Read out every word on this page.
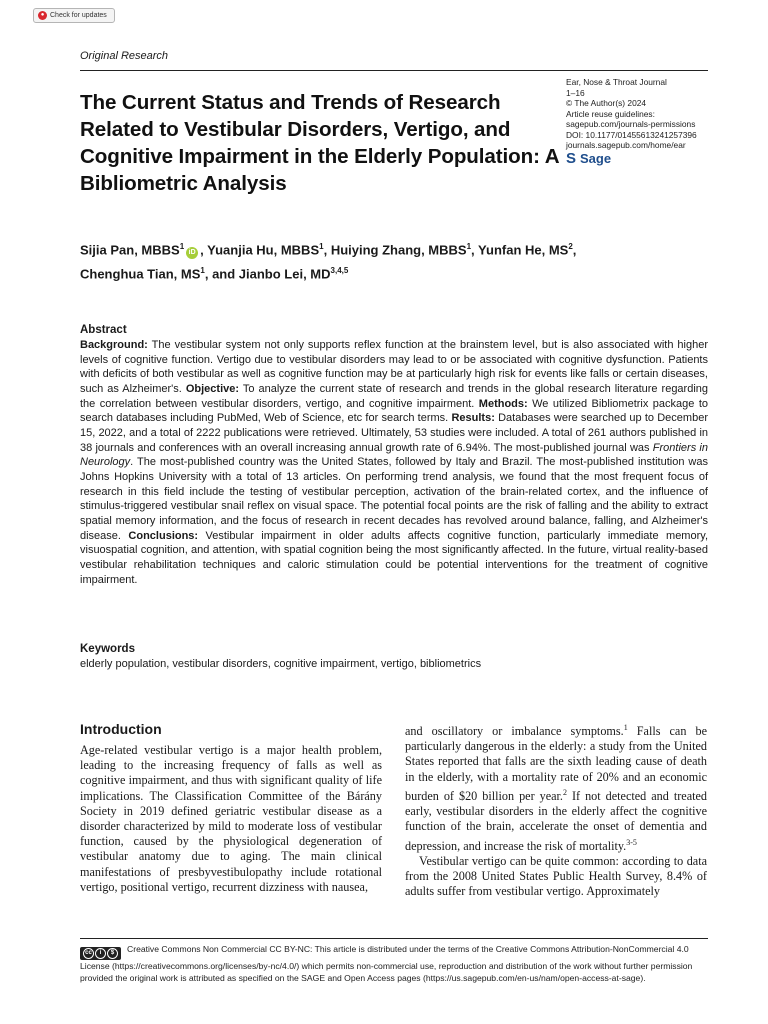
● Check for updates
Original Research
The Current Status and Trends of Research Related to Vestibular Disorders, Vertigo, and Cognitive Impairment in the Elderly Population: A Bibliometric Analysis
Ear, Nose & Throat Journal
1–16
© The Author(s) 2024
Article reuse guidelines:
sagepub.com/journals-permissions
DOI: 10.1177/01455613241257396
journals.sagepub.com/home/ear
S Sage
Sijia Pan, MBBS$^1$iD , Yuanjia Hu, MBBS$^1$, Huiying Zhang, MBBS$^1$, Yunfan He, $MS^2$,
Chenghua Tian, $MS^1$, and Jianbo Lei, MD$^{3,4,5}$
Abstract

Background: The vestibular system not only supports reflex function at the brainstem level, but is also associated with higher levels of cognitive function. Vertigo due to vestibular disorders may lead to or be associated with cognitive dysfunction. Patients with deficits of both vestibular as well as cognitive function may be at particularly high risk for events like falls or certain diseases, such as Alzheimer's. Objective: To analyze the current state of research and trends in the global research literature regarding the correlation between vestibular disorders, vertigo, and cognitive impairment. Methods: We utilized Bibliometrix package to search databases including PubMed, Web of Science, etc for search terms. Results: Databases were searched up to December 15, 2022, and a total of 2222 publications were retrieved. Ultimately, 53 studies were included. A total of 261 authors published in 38 journals and conferences with an overall increasing annual growth rate of 6.94%. The most-published journal was Frontiers in Neurology. The most-published country was the United States, followed by Italy and Brazil. The most-published institution was Johns Hopkins University with a total of 13 articles. On performing trend analysis, we found that the most frequent focus of research in this field include the testing of vestibular perception, activation of the brain-related cortex, and the influence of stimulus-triggered vestibular snail reflex on visual space. The potential focal points are the risk of falling and the ability to extract spatial memory information, and the focus of research in recent decades has revolved around balance, falling, and Alzheimer's disease. Conclusions: Vestibular impairment in older adults affects cognitive function, particularly immediate memory, visuospatial cognition, and attention, with spatial cognition being the most significantly affected. In the future, virtual reality-based vestibular rehabilitation techniques and caloric stimulation could be potential interventions for the treatment of cognitive impairment.

Keywords

elderly population, vestibular disorders, cognitive impairment, vertigo, bibliometrics

Introduction

Age-related vestibular vertigo is a major health problem, leading to the increasing frequency of falls as well as cognitive impairment, and thus with significant quality of life implications. The Classification Committee of the Bárány Society in 2019 defined geriatric vestibular disease as a disorder characterized by mild to moderate loss of vestibular function, caused by the physiological degeneration of vestibular anatomy due to aging. The main clinical manifestations of presbyvestibulopathy include rotational vertigo, positional vertigo, recurrent dizziness with nausea,

and oscillatory or imbalance symptoms.$^1$ Falls can be particularly dangerous in the elderly: a study from the United States reported that falls are the sixth leading cause of death in the elderly, with a mortality rate of 20% and an economic burden of $20 billion per year.$^2$ If not detected and treated early, vestibular disorders in the elderly affect the cognitive function of the brain, accelerate the onset of dementia and depression, and increase the risk of mortality.$^{3-5}$

Vestibular vertigo can be quite common: according to data from the 2008 United States Public Health Survey, 8.4% of adults suffer from vestibular vertigo. Approximately

cc	i	$	Creative Commons Non Commercial CC BY-NC: This article is distributed under the terms of the Creative Commons Attribution-NonCommercial 4.0 License (https://creativecommons.org/licenses/by-nc/4.0/) which permits non-commercial use, reproduction and distribution of the work without further permission provided the original work is attributed as specified on the SAGE and Open Access pages (https://us.sagepub.com/en-us/nam/open-access-at-sage).
